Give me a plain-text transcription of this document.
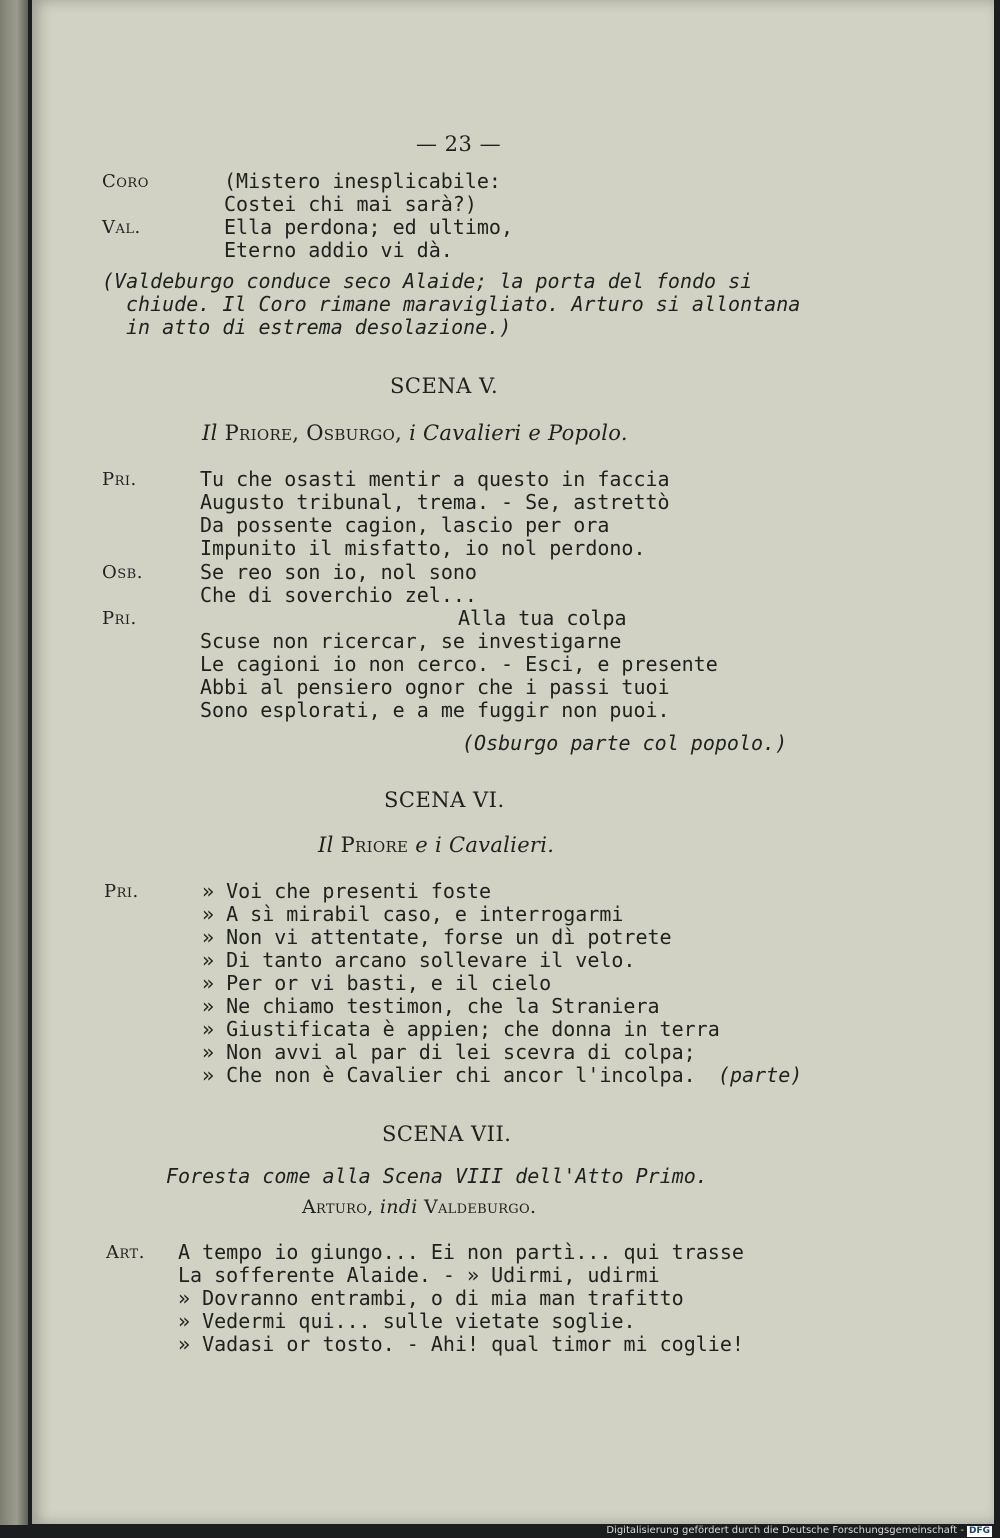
— 23 —
Coro	(Mistero inesplicabile:
Costei chi mai sarà?)
Val.	Ella perdona; ed ultimo,
Eterno addio vi dà.
(Valdeburgo conduce seco Alaide; la porta del fondo si
chiude. Il Coro rimane maravigliato. Arturo si allontana
in atto di estrema desolazione.)
SCENA V.
Il Priore, Osburgo, i Cavalieri e Popolo.
Pri.	Tu che osasti mentir a questo in faccia
Augusto tribunal, trema. - Se, astrettò
Da possente cagion, lascio per ora
Impunito il misfatto, io nol perdono.
Osb.	Se reo son io, nol sono
Che di soverchio zel...
Pri.	Alla tua colpa
Scuse non ricercar, se investigarne
Le cagioni io non cerco. - Esci, e presente
Abbi al pensiero ognor che i passi tuoi
Sono esplorati, e a me fuggir non puoi.
(Osburgo parte col popolo.)
SCENA VI.
Il Priore e i Cavalieri.
Pri.	» Voi che presenti foste
» A sì mirabil caso, e interrogarmi
» Non vi attentate, forse un dì potrete
» Di tanto arcano sollevare il velo.
» Per or vi basti, e il cielo
» Ne chiamo testimon, che la Straniera
» Giustificata è appien; che donna in terra
» Non avvi al par di lei scevra di colpa;
» Che non è Cavalier chi ancor l'incolpa. (parte)
SCENA VII.
Foresta come alla Scena VIII dell'Atto Primo.
Arturo, indi Valdeburgo.
Art. A tempo io giungo... Ei non partì... qui trasse
La sofferente Alaide. - » Udirmi, udirmi
» Dovranno entrambi, o di mia man trafitto
» Vedermi qui... sulle vietate soglie.
» Vadasi or tosto. - Ahi! qual timor mi coglie!
Digitalisierung gefördert durch die Deutsche Forschungsgemeinschaft - DFG
